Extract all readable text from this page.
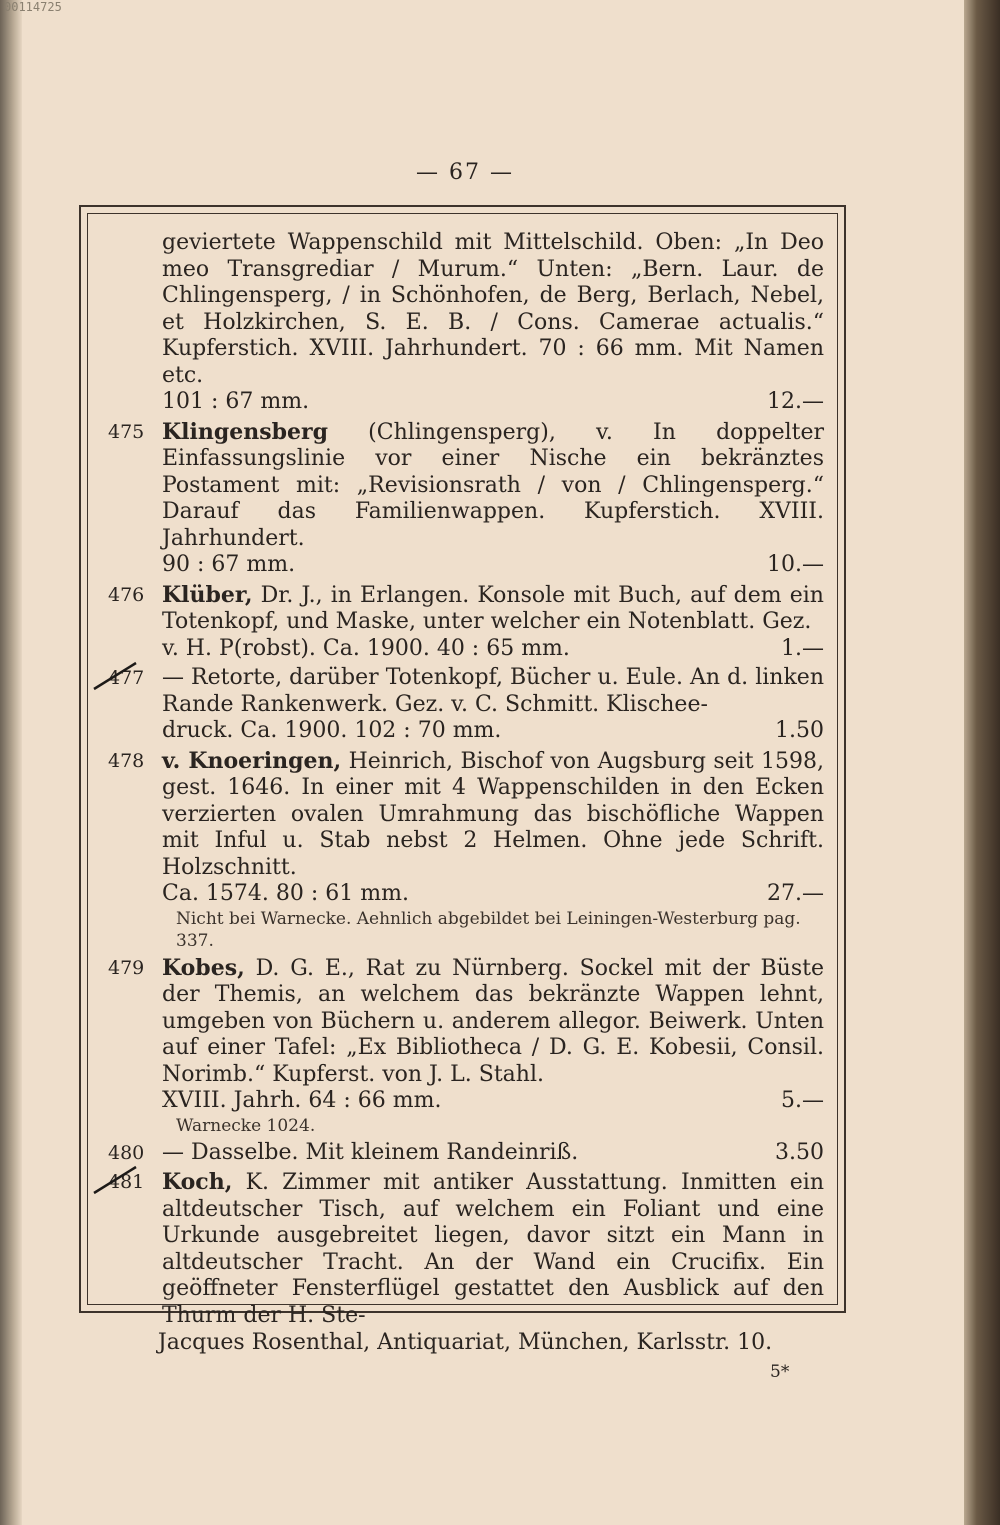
00114725
— 67 —
geviertete Wappenschild mit Mittelschild. Oben: „In Deo meo Transgrediar / Murum.“ Unten: „Bern. Laur. de Chlingensperg, / in Schönhofen, de Berg, Berlach, Nebel, et Holzkirchen, S. E. B. / Cons. Camerae actualis.“ Kupferstich. XVIII. Jahrhundert. 70 : 66 mm. Mit Namen etc.
101 : 67 mm.	12.—
475 Klingensberg (Chlingensperg), v. In doppelter Einfassungslinie vor einer Nische ein bekränztes Postament mit: „Revisionsrath / von / Chlingensperg.“ Darauf das Familienwappen. Kupferstich. XVIII. Jahrhundert.
90 : 67 mm.	10.—
476 Klüber, Dr. J., in Erlangen. Konsole mit Buch, auf dem ein Totenkopf, und Maske, unter welcher ein Notenblatt. Gez.
v. H. P(robst). Ca. 1900. 40 : 65 mm.	1.—
477 — Retorte, darüber Totenkopf, Bücher u. Eule. An d. linken Rande Rankenwerk. Gez. v. C. Schmitt. Klischee-
druck. Ca. 1900. 102 : 70 mm.	1.50
478 v. Knoeringen, Heinrich, Bischof von Augsburg seit 1598, gest. 1646. In einer mit 4 Wappenschilden in den Ecken verzierten ovalen Umrahmung das bischöfliche Wappen mit Inful u. Stab nebst 2 Helmen. Ohne jede Schrift. Holzschnitt.
Ca. 1574. 80 : 61 mm.	27.—
Nicht bei Warnecke. Aehnlich abgebildet bei Leiningen-Westerburg pag. 337.
479 Kobes, D. G. E., Rat zu Nürnberg. Sockel mit der Büste der Themis, an welchem das bekränzte Wappen lehnt, umgeben von Büchern u. anderem allegor. Beiwerk. Unten auf einer Tafel: „Ex Bibliotheca / D. G. E. Kobesii, Consil. Norimb.“ Kupferst. von J. L. Stahl.
XVIII. Jahrh. 64 : 66 mm.	5.—
Warnecke 1024.
480 — Dasselbe. Mit kleinem Randeinriß.	3.50
481 Koch, K. Zimmer mit antiker Ausstattung. Inmitten ein altdeutscher Tisch, auf welchem ein Foliant und eine Urkunde ausgebreitet liegen, davor sitzt ein Mann in altdeutscher Tracht. An der Wand ein Crucifix. Ein geöffneter Fensterflügel gestattet den Ausblick auf den Thurm der H. Ste-
Jacques Rosenthal, Antiquariat, München, Karlsstr. 10.
5*
